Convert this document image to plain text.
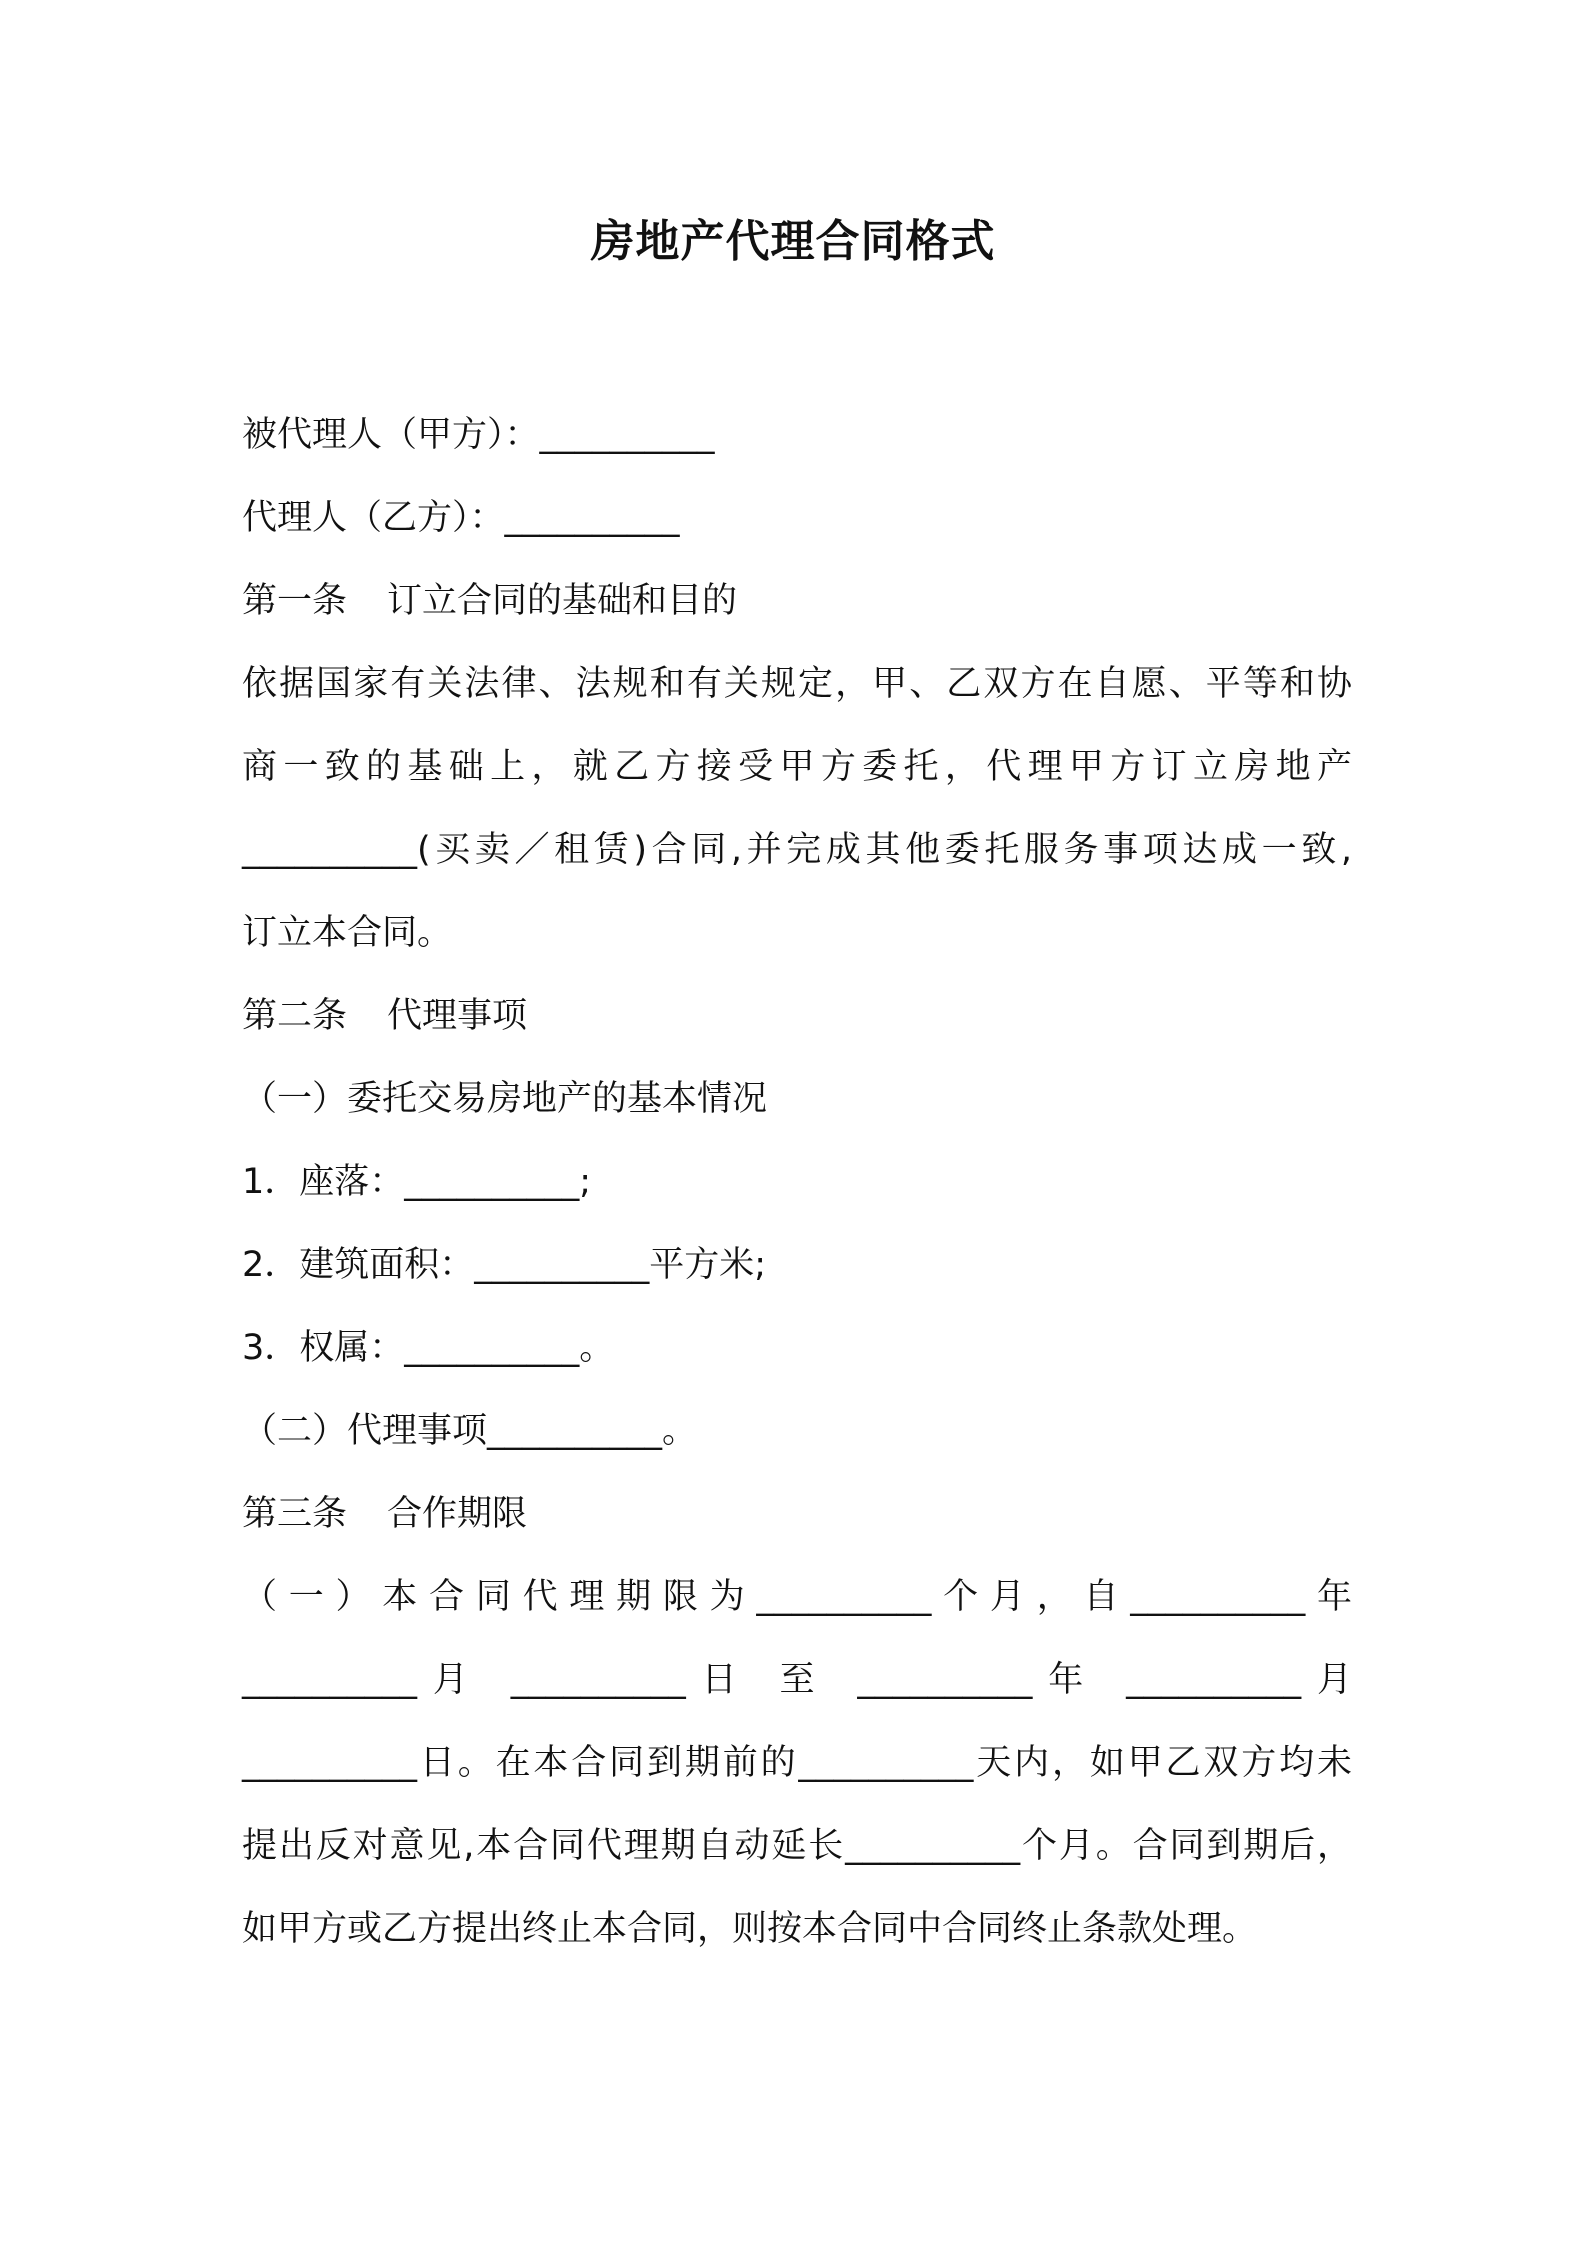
房地产代理合同格式
被代理人（甲方）：__________
代理人（乙方）：__________
第一条 订立合同的基础和目的
依据国家有关法律、法规和有关规定，甲、乙双方在自愿、平等和协
商一致的基础上，就乙方接受甲方委托，代理甲方订立房地产
__________(买卖／租赁)合同,并完成其他委托服务事项达成一致,
订立本合同。
第二条 代理事项
（一）委托交易房地产的基本情况
1．座落：__________;
2．建筑面积：__________平方米;
3．权属：__________。
（二）代理事项__________。
第三条 合作期限
（一）本合同代理期限为__________个月，自__________年
__________月 __________日 至 __________年 __________月
__________日。在本合同到期前的__________天内，如甲乙双方均未
提出反对意见,本合同代理期自动延长__________个月。合同到期后，
如甲方或乙方提出终止本合同，则按本合同中合同终止条款处理。
